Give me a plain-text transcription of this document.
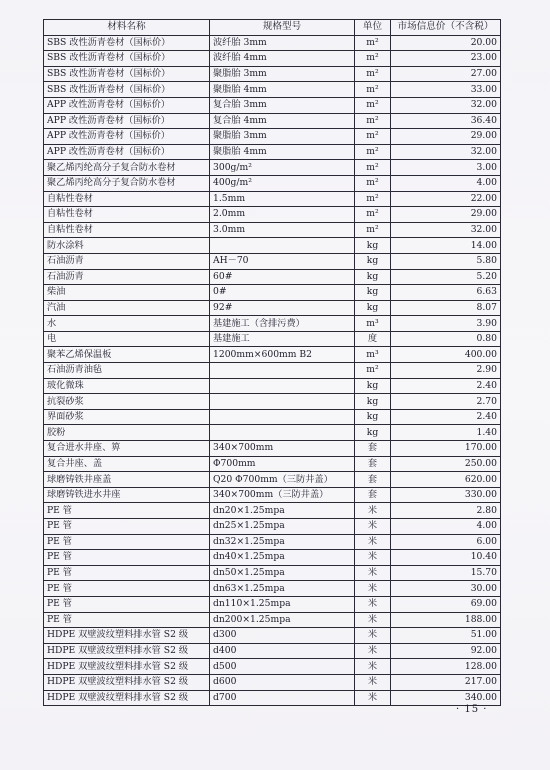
材料名称	规格型号	单位	市场信息价（不含税）
SBS 改性沥青卷材（国标价）	波纤胎 3mm	m²	20.00
SBS 改性沥青卷材（国标价）	波纤胎 4mm	m²	23.00
SBS 改性沥青卷材（国标价）	聚脂胎 3mm	m²	27.00
SBS 改性沥青卷材（国标价）	聚脂胎 4mm	m²	33.00
APP 改性沥青卷材（国标价）	复合胎 3mm	m²	32.00
APP 改性沥青卷材（国标价）	复合胎 4mm	m²	36.40
APP 改性沥青卷材（国标价）	聚脂胎 3mm	m²	29.00
APP 改性沥青卷材（国标价）	聚脂胎 4mm	m²	32.00
聚乙烯丙纶高分子复合防水卷材	300g/m²	m²	3.00
聚乙烯丙纶高分子复合防水卷材	400g/m²	m²	4.00
自粘性卷材	1.5mm	m²	22.00
自粘性卷材	2.0mm	m²	29.00
自粘性卷材	3.0mm	m²	32.00
防水涂料		kg	14.00
石油沥青	AH－70	kg	5.80
石油沥青	60#	kg	5.20
柴油	0#	kg	6.63
汽油	92#	kg	8.07
水	基建施工（含排污费）	m³	3.90
电	基建施工	度	0.80
聚苯乙烯保温板	1200mm×600mm B2	m³	400.00
石油沥青油毡		m²	2.90
玻化微珠		kg	2.40
抗裂砂浆		kg	2.70
界面砂浆		kg	2.40
胶粉		kg	1.40
复合进水井座、箅	340×700mm	套	170.00
复合井座、盖	Φ700mm	套	250.00
球磨铸铁井座盖	Q20 Φ700mm（三防井盖）	套	620.00
球磨铸铁进水井座	340×700mm（三防井盖）	套	330.00
PE 管	dn20×1.25mpa	米	2.80
PE 管	dn25×1.25mpa	米	4.00
PE 管	dn32×1.25mpa	米	6.00
PE 管	dn40×1.25mpa	米	10.40
PE 管	dn50×1.25mpa	米	15.70
PE 管	dn63×1.25mpa	米	30.00
PE 管	dn110×1.25mpa	米	69.00
PE 管	dn200×1.25mpa	米	188.00
HDPE 双壁波纹塑料排水管 S2 级	d300	米	51.00
HDPE 双壁波纹塑料排水管 S2 级	d400	米	92.00
HDPE 双壁波纹塑料排水管 S2 级	d500	米	128.00
HDPE 双壁波纹塑料排水管 S2 级	d600	米	217.00
HDPE 双壁波纹塑料排水管 S2 级	d700	米	340.00
· 15 ·
